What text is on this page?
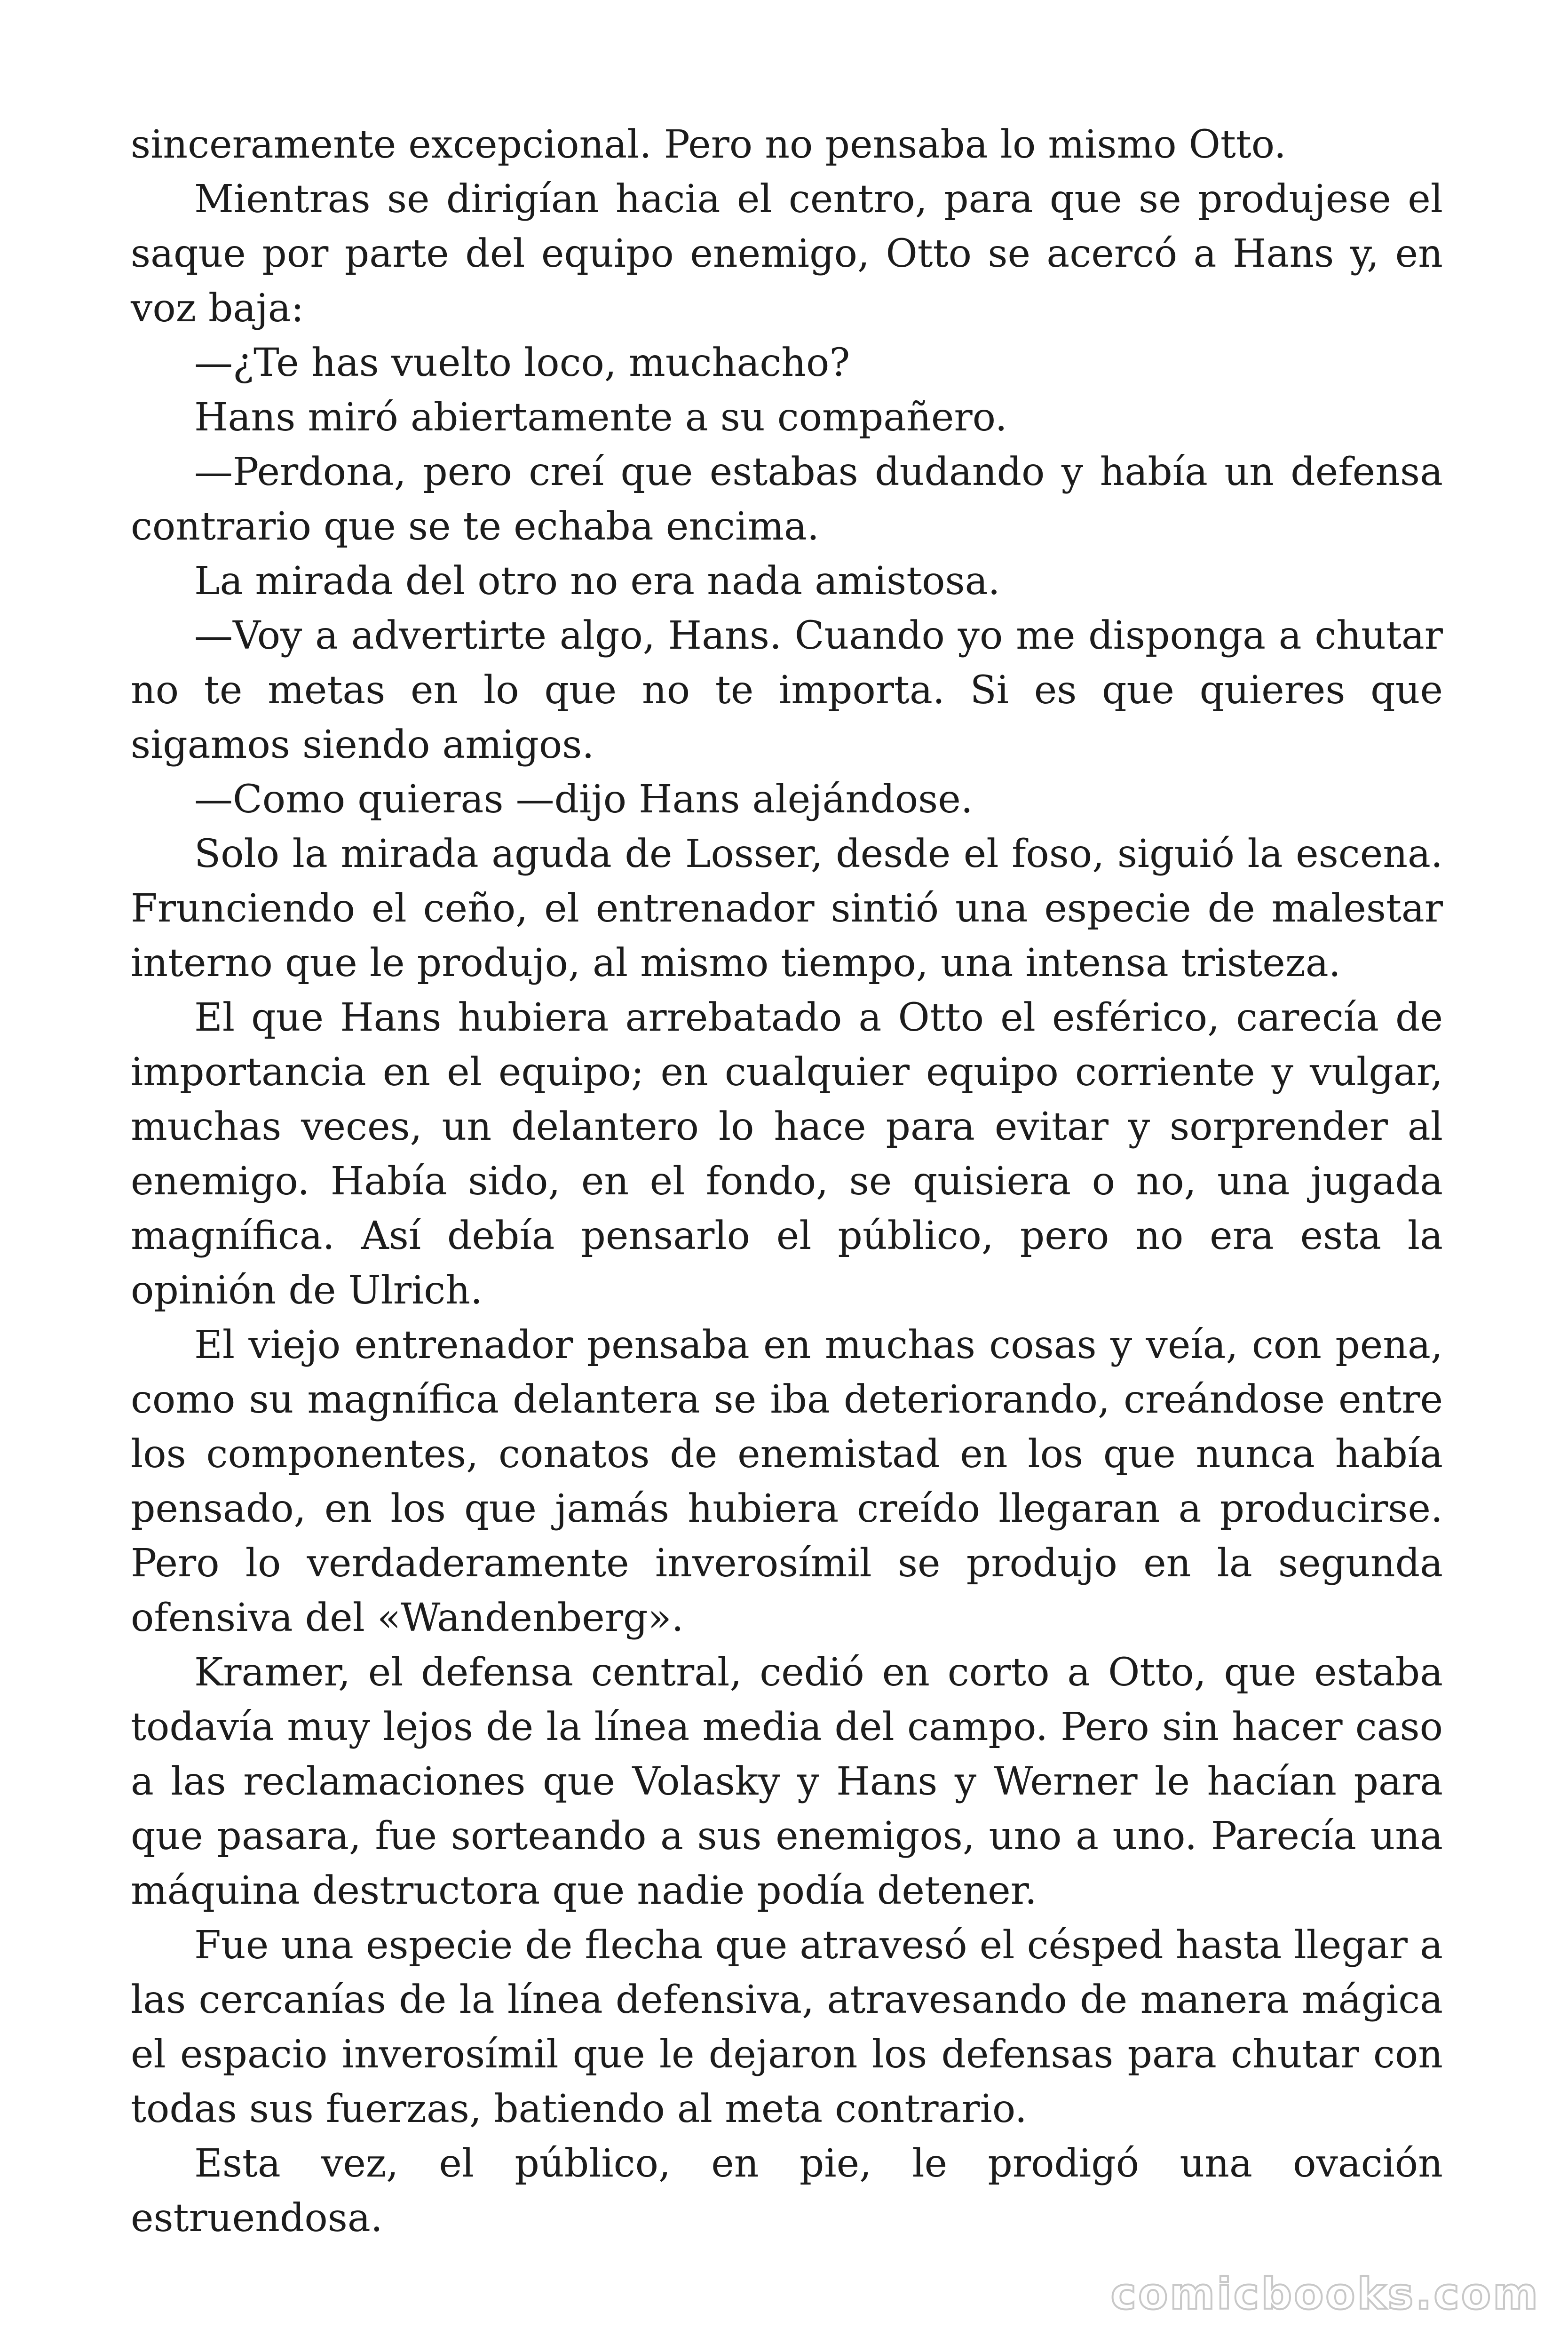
sinceramente excepcional. Pero no pensaba lo mismo Otto.

Mientras se dirigían hacia el centro, para que se produjese el saque por parte del equipo enemigo, Otto se acercó a Hans y, en voz baja:

—¿Te has vuelto loco, muchacho?

Hans miró abiertamente a su compañero.

—Perdona, pero creí que estabas dudando y había un defensa contrario que se te echaba encima.

La mirada del otro no era nada amistosa.

—Voy a advertirte algo, Hans. Cuando yo me disponga a chutar no te metas en lo que no te importa. Si es que quieres que sigamos siendo amigos.

—Como quieras —dijo Hans alejándose.

Solo la mirada aguda de Losser, desde el foso, siguió la escena. Frunciendo el ceño, el entrenador sintió una especie de malestar interno que le produjo, al mismo tiempo, una intensa tristeza.

El que Hans hubiera arrebatado a Otto el esférico, carecía de importancia en el equipo; en cualquier equipo corriente y vulgar, muchas veces, un delantero lo hace para evitar y sorprender al enemigo. Había sido, en el fondo, se quisiera o no, una jugada magnífica. Así debía pensarlo el público, pero no era esta la opinión de Ulrich.

El viejo entrenador pensaba en muchas cosas y veía, con pena, como su magnífica delantera se iba deteriorando, creándose entre los componentes, conatos de enemistad en los que nunca había pensado, en los que jamás hubiera creído llegaran a producirse. Pero lo verdaderamente inverosímil se produjo en la segunda ofensiva del «Wandenberg».

Kramer, el defensa central, cedió en corto a Otto, que estaba todavía muy lejos de la línea media del campo. Pero sin hacer caso a las reclamaciones que Volasky y Hans y Werner le hacían para que pasara, fue sorteando a sus enemigos, uno a uno. Parecía una máquina destructora que nadie podía detener.

Fue una especie de flecha que atravesó el césped hasta llegar a las cercanías de la línea defensiva, atravesando de manera mágica el espacio inverosímil que le dejaron los defensas para chutar con todas sus fuerzas, batiendo al meta contrario.

Esta vez, el público, en pie, le prodigó una ovación estruendosa.

comicbooks.com
